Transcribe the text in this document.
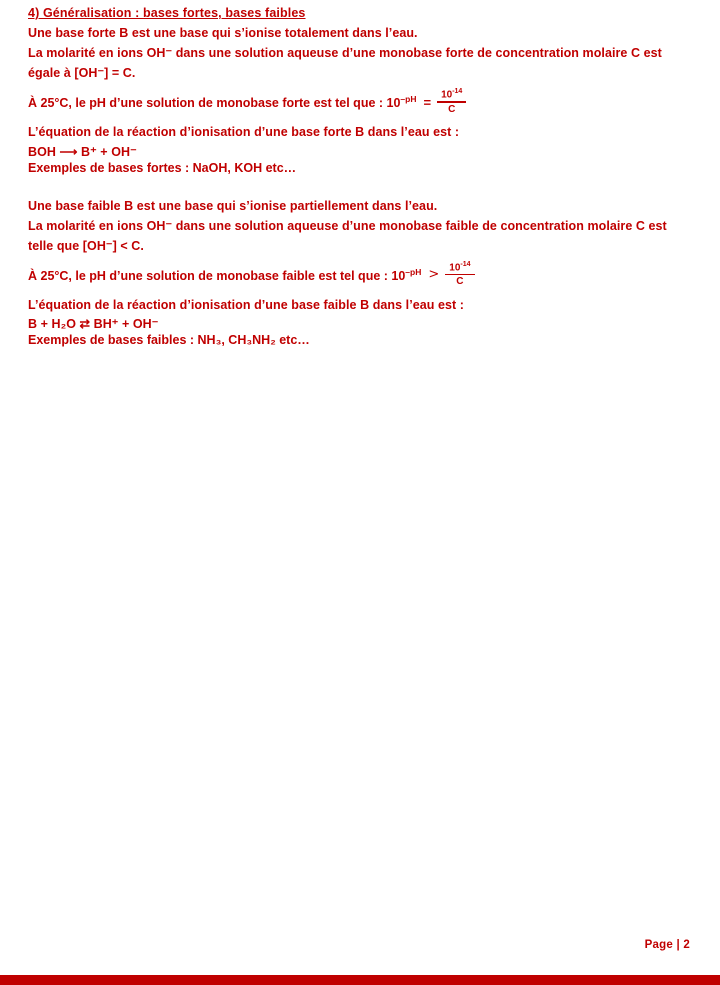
4) Généralisation : bases fortes, bases faibles

Une base forte B est une base qui s’ionise totalement dans l’eau.

La molarité en ions OH⁻ dans une solution aqueuse d’une monobase forte de concentration molaire C est

égale à [OH⁻] = C.

À 25°C, le pH d’une solution de monobase forte est tel que : $10^{-pH} = \frac{10^{-14}}{C}$

L’équation de la réaction d’ionisation d’une base forte B dans l’eau est :

BOH ⟶ B⁺ + OH⁻

Exemples de bases fortes : NaOH, KOH etc…

Une base faible B est une base qui s’ionise partiellement dans l’eau.

La molarité en ions OH⁻ dans une solution aqueuse d’une monobase faible de concentration molaire C est

telle que [OH⁻] < C.

À 25°C, le pH d’une solution de monobase faible est tel que : $10^{-pH} > \frac{10^{-14}}{C}$

L’équation de la réaction d’ionisation d’une base faible B dans l’eau est :

B + H₂O ⇄ BH⁺ + OH⁻

Exemples de bases faibles : NH₃, CH₃NH₂ etc…

Page | 2
